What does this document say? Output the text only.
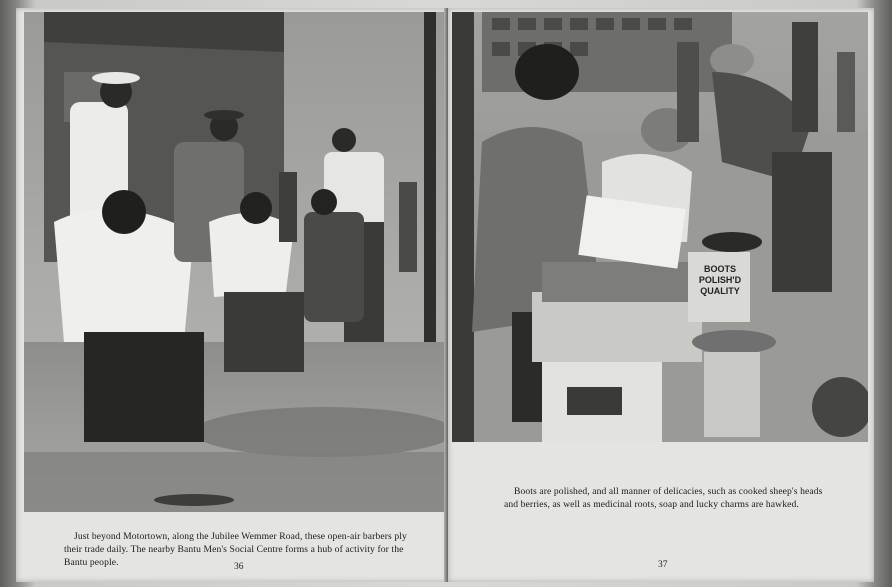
Just beyond Motortown, along the Jubilee Wemmer Road, these open-air barbers ply their trade daily. The nearby Bantu Men's Social Centre forms a hub of activity for the Bantu people.	36
BOOTS POLISH'D QUALITY

Boots are polished, and all manner of delicacies, such as cooked sheep's heads and berries, as well as medicinal roots, soap and lucky charms are hawked.

37
